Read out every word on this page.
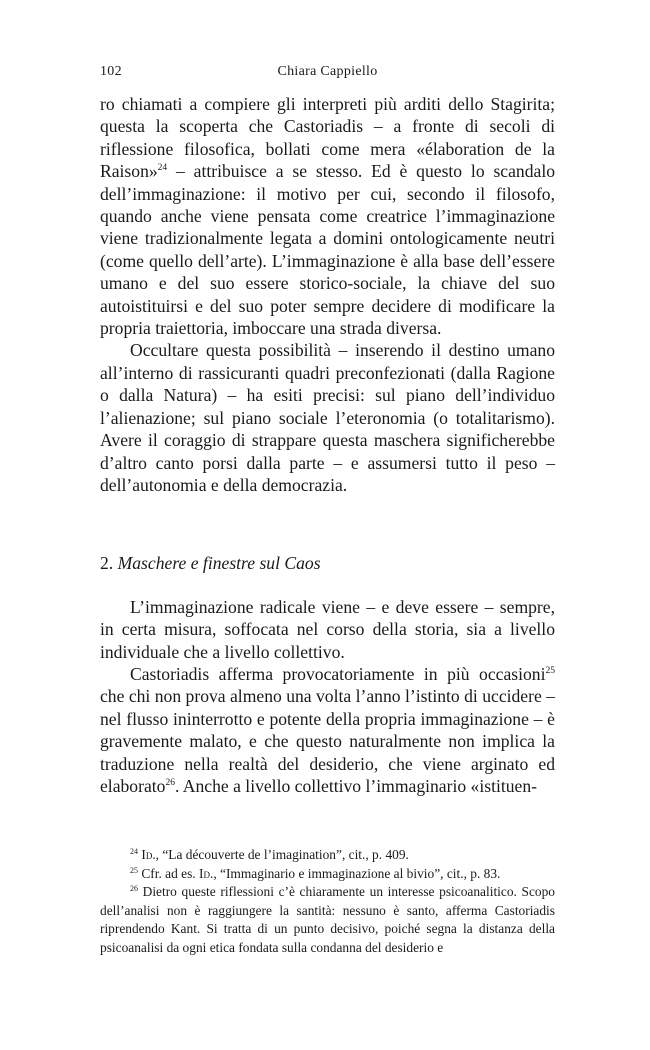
102	Chiara Cappiello

ro chiamati a compiere gli interpreti più arditi dello Stagirita; questa la scoperta che Castoriadis – a fronte di secoli di riflessione filosofica, bollati come mera «élaboration de la Raison»$^{24}$ – attribuisce a se stesso. Ed è questo lo scandalo dell’immaginazione: il motivo per cui, secondo il filosofo, quando anche viene pensata come creatrice l’immaginazione viene tradizionalmente legata a domini ontologicamente neutri (come quello dell’arte). L’immaginazione è alla base dell’essere umano e del suo essere storico-sociale, la chiave del suo autoistituirsi e del suo poter sempre decidere di modificare la propria traiettoria, imboccare una strada diversa.

Occultare questa possibilità – inserendo il destino umano all’interno di rassicuranti quadri preconfezionati (dalla Ragione o dalla Natura) – ha esiti precisi: sul piano dell’individuo l’alienazione; sul piano sociale l’eteronomia (o totalitarismo). Avere il coraggio di strappare questa maschera significherebbe d’altro canto porsi dalla parte – e assumersi tutto il peso – dell’autonomia e della democrazia.

2. Maschere e finestre sul Caos

L’immaginazione radicale viene – e deve essere – sempre, in certa misura, soffocata nel corso della storia, sia a livello individuale che a livello collettivo.

Castoriadis afferma provocatoriamente in più occasioni$^{25}$ che chi non prova almeno una volta l’anno l’istinto di uccidere – nel flusso ininterrotto e potente della propria immaginazione – è gravemente malato, e che questo naturalmente non implica la traduzione nella realtà del desiderio, che viene arginato ed elaborato$^{26}$. Anche a livello collettivo l’immaginario «istituen-

$^{24}$ Id., “La découverte de l’imagination”, cit., p. 409.

$^{25}$ Cfr. ad es. Id., “Immaginario e immaginazione al bivio”, cit., p. 83.

$^{26}$ Dietro queste riflessioni c’è chiaramente un interesse psicoanalitico. Scopo dell’analisi non è raggiungere la santità: nessuno è santo, afferma Castoriadis riprendendo Kant. Si tratta di un punto decisivo, poiché segna la distanza della psicoanalisi da ogni etica fondata sulla condanna del desiderio e
